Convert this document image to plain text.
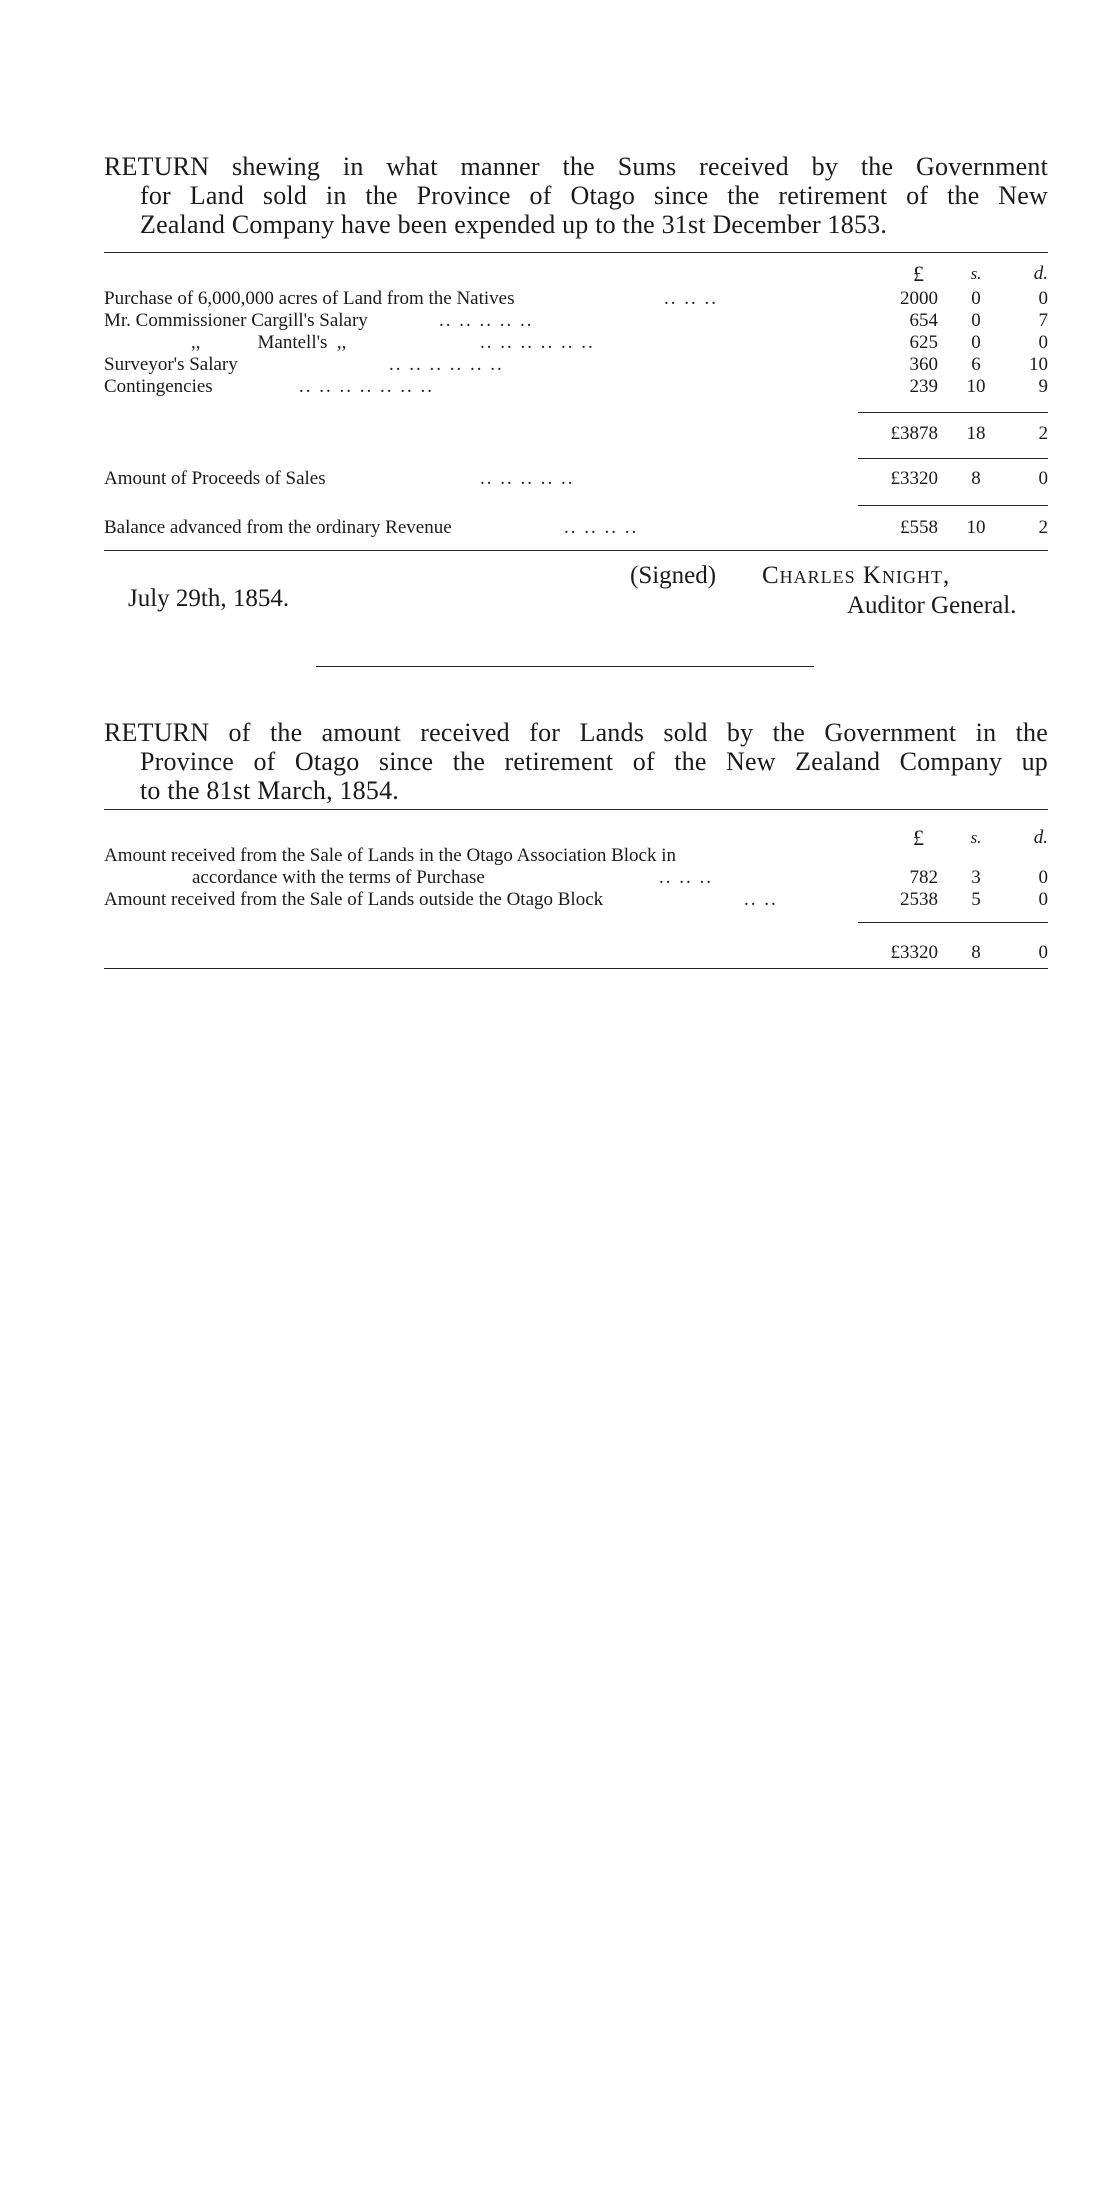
RETURN shewing in what manner the Sums received by the Government
for Land sold in the Province of Otago since the retirement of the New
Zealand Company have been expended up to the 31st December 1853.
£	s.	d.
Purchase of 6,000,000 acres of Land from the Natives	.. .. ..	2000	0	0
Mr. Commissioner Cargill's Salary	.. .. .. .. ..	654	0	7
,,            Mantell's  ,,	.. .. .. .. .. ..	625	0	0
Surveyor's Salary	.. .. .. .. .. ..	360	6	10
Contingencies	.. .. .. .. .. .. ..	239 10	9
£3878 18	2
Amount of Proceeds of Sales	.. .. .. .. ..	£3320	8	0
Balance advanced from the ordinary Revenue	.. .. .. ..	£558 10	2
(Signed) Charles Knight,
July 29th, 1854.	Auditor General.
RETURN of the amount received for Lands sold by the Government in the
Province of Otago since the retirement of the New Zealand Company up
to the 81st March, 1854.
£	s.	d.
Amount received from the Sale of Lands in the Otago Association Block in
accordance with the terms of Purchase	.. .. ..	782	3	0
Amount received from the Sale of Lands outside the Otago Block	.. ..	2538	5	0
£3320	8	0
